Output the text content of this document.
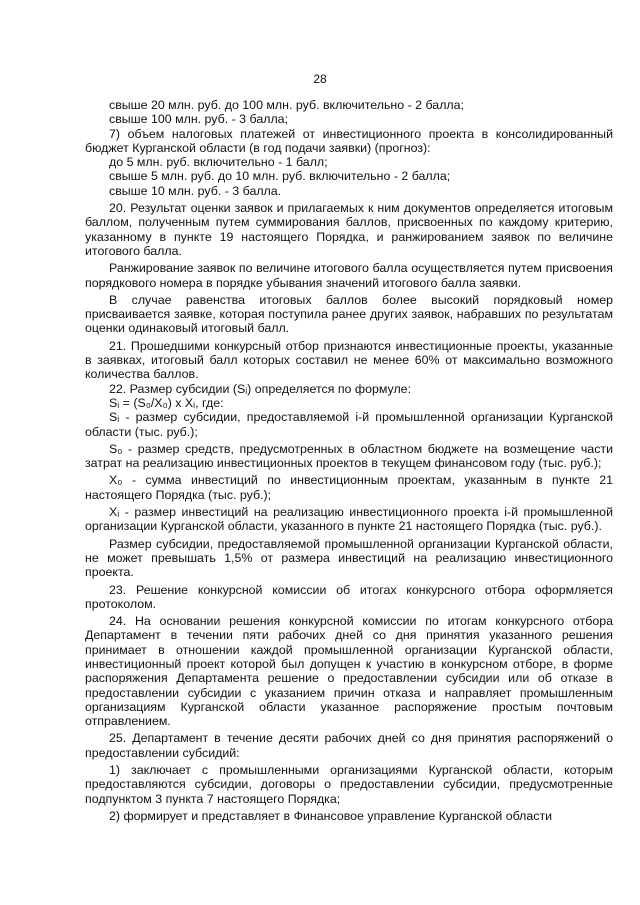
28

свыше 20 млн. руб. до 100 млн. руб. включительно - 2 балла;

свыше 100 млн. руб. - 3 балла;

7) объем налоговых платежей от инвестиционного проекта в консолидированный бюджет Курганской области (в год подачи заявки) (прогноз):

до 5 млн. руб. включительно - 1 балл;

свыше 5 млн. руб. до 10 млн. руб. включительно - 2 балла;

свыше 10 млн. руб. - 3 балла.

20. Результат оценки заявок и прилагаемых к ним документов определяется итоговым баллом, полученным путем суммирования баллов, присвоенных по каждому критерию, указанному в пункте 19 настоящего Порядка, и ранжированием заявок по величине итогового балла.

Ранжирование заявок по величине итогового балла осуществляется путем присвоения порядкового номера в порядке убывания значений итогового балла заявки.

В случае равенства итоговых баллов более высокий порядковый номер присваивается заявке, которая поступила ранее других заявок, набравших по результатам оценки одинаковый итоговый балл.

21. Прошедшими конкурсный отбор признаются инвестиционные проекты, указанные в заявках, итоговый балл которых составил не менее 60% от максимально возможного количества баллов.

22. Размер субсидии (Sᵢ) определяется по формуле:

Sᵢ = (S₀/X₀) x Xᵢ, где:

Sᵢ - размер субсидии, предоставляемой i-й промышленной организации Курганской области (тыс. руб.);

S₀ - размер средств, предусмотренных в областном бюджете на возмещение части затрат на реализацию инвестиционных проектов в текущем финансовом году (тыс. руб.);

X₀ - сумма инвестиций по инвестиционным проектам, указанным в пункте 21 настоящего Порядка (тыс. руб.);

Xᵢ - размер инвестиций на реализацию инвестиционного проекта i-й промышленной организации Курганской области, указанного в пункте 21 настоящего Порядка (тыс. руб.).

Размер субсидии, предоставляемой промышленной организации Курганской области, не может превышать 1,5% от размера инвестиций на реализацию инвестиционного проекта.

23. Решение конкурсной комиссии об итогах конкурсного отбора оформляется протоколом.

24. На основании решения конкурсной комиссии по итогам конкурсного отбора Департамент в течении пяти рабочих дней со дня принятия указанного решения принимает в отношении каждой промышленной организации Курганской области, инвестиционный проект которой был допущен к участию в конкурсном отборе, в форме распоряжения Департамента решение о предоставлении субсидии или об отказе в предоставлении субсидии с указанием причин отказа и направляет промышленным организациям Курганской области указанное распоряжение простым почтовым отправлением.

25. Департамент в течение десяти рабочих дней со дня принятия распоряжений о предоставлении субсидий:

1) заключает с промышленными организациями Курганской области, которым предоставляются субсидии, договоры о предоставлении субсидии, предусмотренные подпунктом 3 пункта 7 настоящего Порядка;

2) формирует и представляет в Финансовое управление Курганской области
